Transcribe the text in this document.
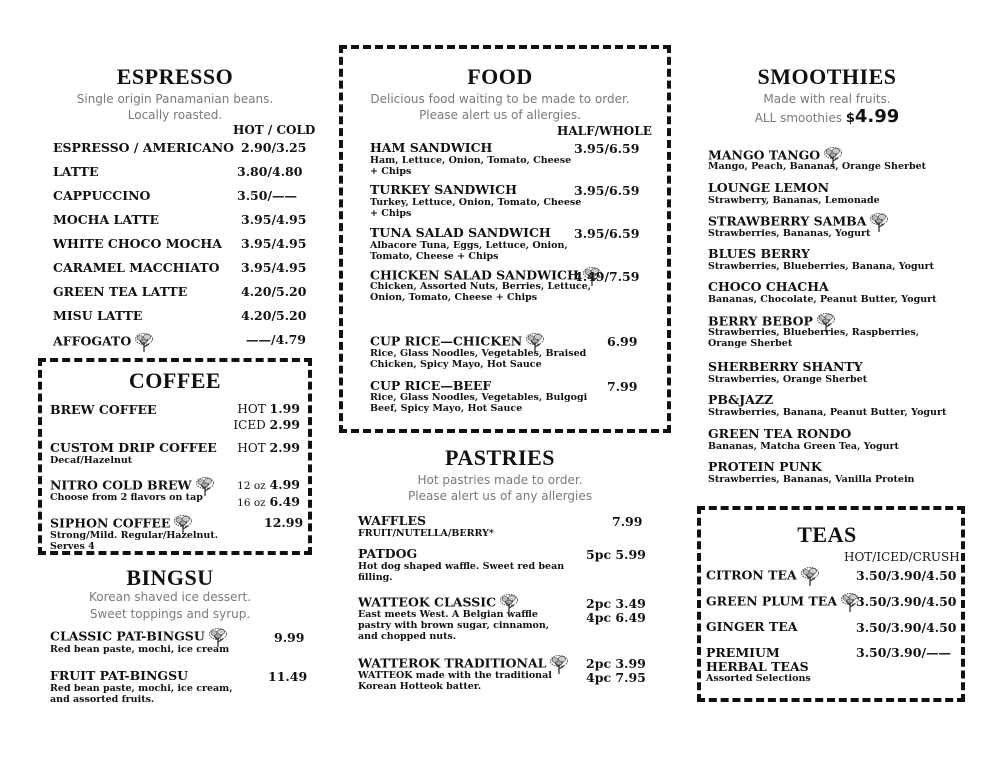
ESPRESSO
Single origin Panamanian beans.
Locally roasted.
HOT / COLD
ESPRESSO / AMERICANO 2.90/3.25
LATTE	3.80/4.80
CAPPUCCINO	3.50/——
MOCHA LATTE	3.95/4.95
WHITE CHOCO MOCHA 3.95/4.95
CARAMEL MACCHIATO 3.95/4.95
GREEN TEA LATTE	4.20/5.20
MISU LATTE	4.20/5.20
AFFOGATO	——/4.79
COFFEE
BREW COFFEE	HOT 1.99
ICED 2.99
CUSTOM DRIP COFFEE
Decaf/Hazelnut
HOT 2.99
NITRO COLD BREW
Choose from 2 flavors on tap
12 oz 4.99
16 oz 6.49
SIPHON COFFEE
Strong/Mild. Regular/Hazelnut.
Serves 4
12.99
BINGSU
Korean shaved ice dessert.
Sweet toppings and syrup.
CLASSIC PAT-BINGSU
Red bean paste, mochi, ice cream
9.99
FRUIT PAT-BINGSU
Red bean paste, mochi, ice cream,
and assorted fruits.
11.49
FOOD
Delicious food waiting to be made to order.
Please alert us of allergies.
HALF/WHOLE
HAM SANDWICH
Ham, Lettuce, Onion, Tomato, Cheese
+ Chips
3.95/6.59
TURKEY SANDWICH
Turkey, Lettuce, Onion, Tomato, Cheese
+ Chips
3.95/6.59
TUNA SALAD SANDWICH
Albacore Tuna, Eggs, Lettuce, Onion,
Tomato, Cheese + Chips
3.95/6.59
CHICKEN SALAD SANDWICH
Chicken, Assorted Nuts, Berries, Lettuce,
Onion, Tomato, Cheese + Chips
4.49/7.59
CUP RICE—CHICKEN
Rice, Glass Noodles, Vegetables, Braised
Chicken, Spicy Mayo, Hot Sauce
6.99
CUP RICE—BEEF
Rice, Glass Noodles, Vegetables, Bulgogi
Beef, Spicy Mayo, Hot Sauce
7.99
PASTRIES
Hot pastries made to order.
Please alert us of any allergies
WAFFLES
FRUIT/NUTELLA/BERRY*
7.99
PATDOG
Hot dog shaped waffle. Sweet red bean
filling.
5pc 5.99
WATTEOK CLASSIC
East meets West. A Belgian waffle
pastry with brown sugar, cinnamon,
and chopped nuts.
2pc 3.49
4pc 6.49
WATTEROK TRADITIONAL
WATTEOK made with the traditional
Korean Hotteok batter.
2pc 3.99
4pc 7.95
SMOOTHIES
Made with real fruits.
ALL smoothies $4.99
MANGO TANGO
Mango, Peach, Bananas, Orange Sherbet
LOUNGE LEMON
Strawberry, Bananas, Lemonade
STRAWBERRY SAMBA
Strawberries, Bananas, Yogurt
BLUES BERRY
Strawberries, Blueberries, Banana, Yogurt
CHOCO CHACHA
Bananas, Chocolate, Peanut Butter, Yogurt
BERRY BEBOP
Strawberries, Blueberries, Raspberries,
Orange Sherbet
SHERBERRY SHANTY
Strawberries, Orange Sherbet
PB&JAZZ
Strawberries, Banana, Peanut Butter, Yogurt
GREEN TEA RONDO
Bananas, Matcha Green Tea, Yogurt
PROTEIN PUNK
Strawberries, Bananas, Vanilla Protein
TEAS
HOT/ICED/CRUSH
CITRON TEA	3.50/3.90/4.50
GREEN PLUM TEA	3.50/3.90/4.50
GINGER TEA	3.50/3.90/4.50
PREMIUM
HERBAL TEAS
Assorted Selections
3.50/3.90/——
